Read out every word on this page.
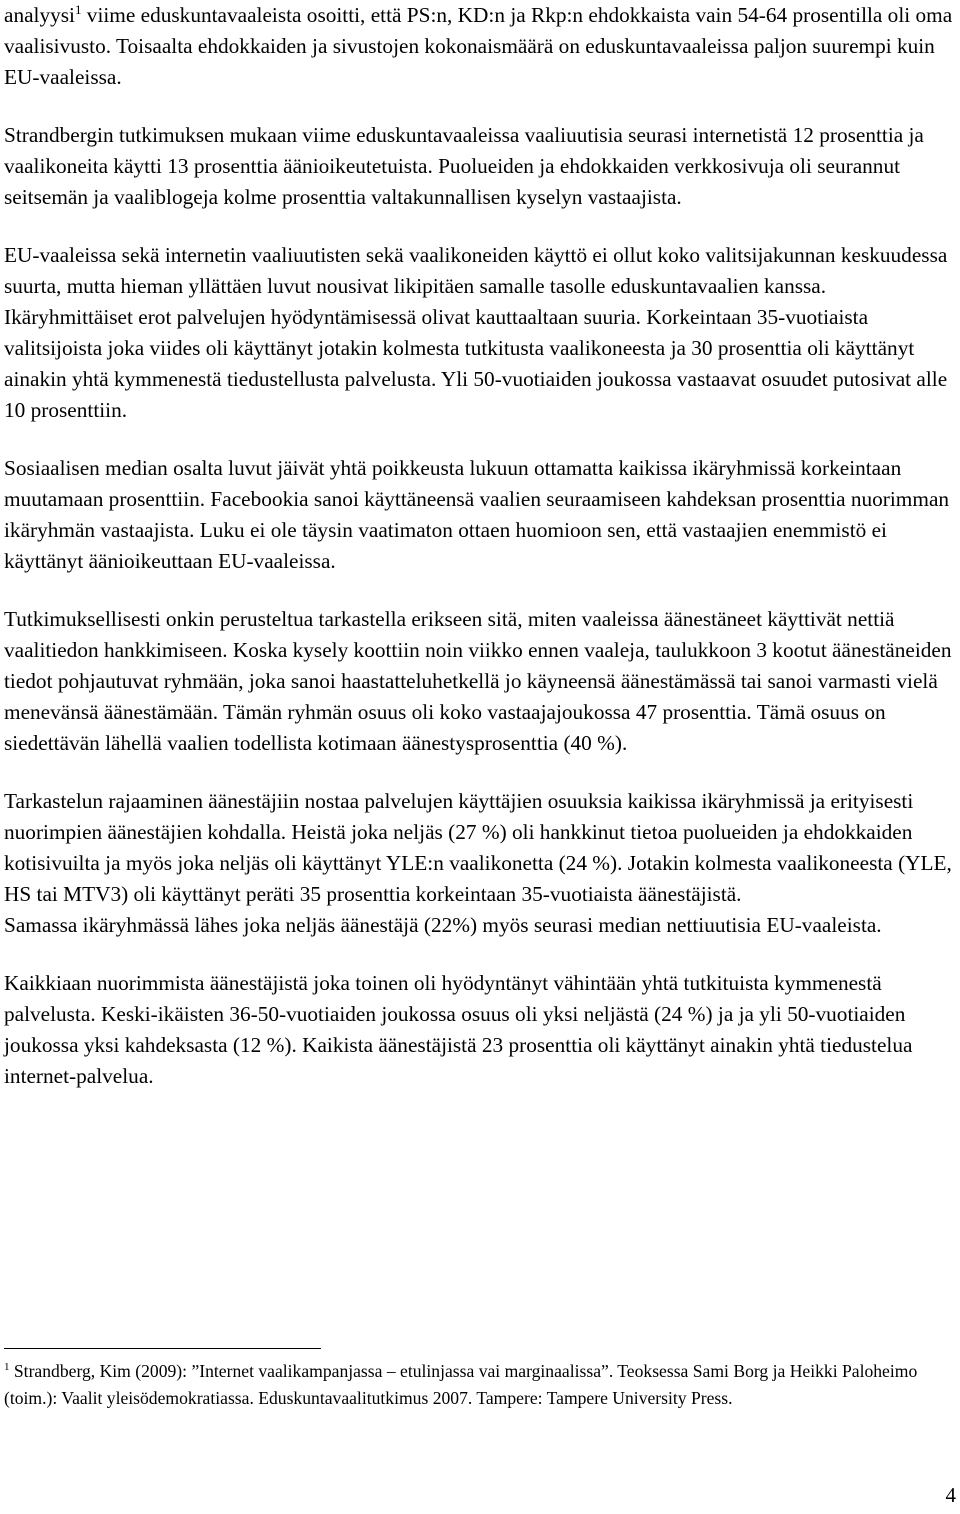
analyysi$^1$ viime eduskuntavaaleista osoitti, että PS:n, KD:n ja Rkp:n ehdokkaista vain 54-64 prosentilla oli oma vaalisivusto. Toisaalta ehdokkaiden ja sivustojen kokonaismäärä on eduskuntavaaleissa paljon suurempi kuin EU-vaaleissa.

Strandbergin tutkimuksen mukaan viime eduskuntavaaleissa vaaliuutisia seurasi internetistä 12 prosenttia ja vaalikoneita käytti 13 prosenttia äänioikeutetuista. Puolueiden ja ehdokkaiden verkkosivuja oli seurannut seitsemän ja vaaliblogeja kolme prosenttia valtakunnallisen kyselyn vastaajista.

EU-vaaleissa sekä internetin vaaliuutisten sekä vaalikoneiden käyttö ei ollut koko valitsijakunnan keskuudessa suurta, mutta hieman yllättäen luvut nousivat likipitäen samalle tasolle eduskuntavaalien kanssa. Ikäryhmittäiset erot palvelujen hyödyntämisessä olivat kauttaaltaan suuria. Korkeintaan 35-vuotiaista valitsijoista joka viides oli käyttänyt jotakin kolmesta tutkitusta vaalikoneesta ja 30 prosenttia oli käyttänyt ainakin yhtä kymmenestä tiedustellusta palvelusta. Yli 50-vuotiaiden joukossa vastaavat osuudet putosivat alle 10 prosenttiin.

Sosiaalisen median osalta luvut jäivät yhtä poikkeusta lukuun ottamatta kaikissa ikäryhmissä korkeintaan muutamaan prosenttiin. Facebookia sanoi käyttäneensä vaalien seuraamiseen kahdeksan prosenttia nuorimman ikäryhmän vastaajista. Luku ei ole täysin vaatimaton ottaen huomioon sen, että vastaajien enemmistö ei käyttänyt äänioikeuttaan EU-vaaleissa.

Tutkimuksellisesti onkin perusteltua tarkastella erikseen sitä, miten vaaleissa äänestäneet käyttivät nettiä vaalitiedon hankkimiseen. Koska kysely koottiin noin viikko ennen vaaleja, taulukkoon 3 kootut äänestäneiden tiedot pohjautuvat ryhmään, joka sanoi haastatteluhetkellä jo käyneensä äänestämässä tai sanoi varmasti vielä menevänsä äänestämään. Tämän ryhmän osuus oli koko vastaajajoukossa 47 prosenttia. Tämä osuus on siedettävän lähellä vaalien todellista kotimaan äänestysprosenttia (40 %).

Tarkastelun rajaaminen äänestäjiin nostaa palvelujen käyttäjien osuuksia kaikissa ikäryhmissä ja erityisesti nuorimpien äänestäjien kohdalla. Heistä joka neljäs (27 %) oli hankkinut tietoa puolueiden ja ehdokkaiden kotisivuilta ja myös joka neljäs oli käyttänyt YLE:n vaalikonetta (24 %). Jotakin kolmesta vaalikoneesta (YLE, HS tai MTV3) oli käyttänyt peräti 35 prosenttia korkeintaan 35-vuotiaista äänestäjistä.

Samassa ikäryhmässä lähes joka neljäs äänestäjä (22%) myös seurasi median nettiuutisia EU-vaaleista.

Kaikkiaan nuorimmista äänestäjistä joka toinen oli hyödyntänyt vähintään yhtä tutkituista kymmenestä palvelusta. Keski-ikäisten 36-50-vuotiaiden joukossa osuus oli yksi neljästä (24 %) ja ja yli 50-vuotiaiden joukossa yksi kahdeksasta (12 %). Kaikista äänestäjistä 23 prosenttia oli käyttänyt ainakin yhtä tiedustelua internet-palvelua.

$^1$ Strandberg, Kim (2009): ”Internet vaalikampanjassa – etulinjassa vai marginaalissa”. Teoksessa Sami Borg ja Heikki Paloheimo (toim.): Vaalit yleisödemokratiassa. Eduskuntavaalitutkimus 2007. Tampere: Tampere University Press.
4
